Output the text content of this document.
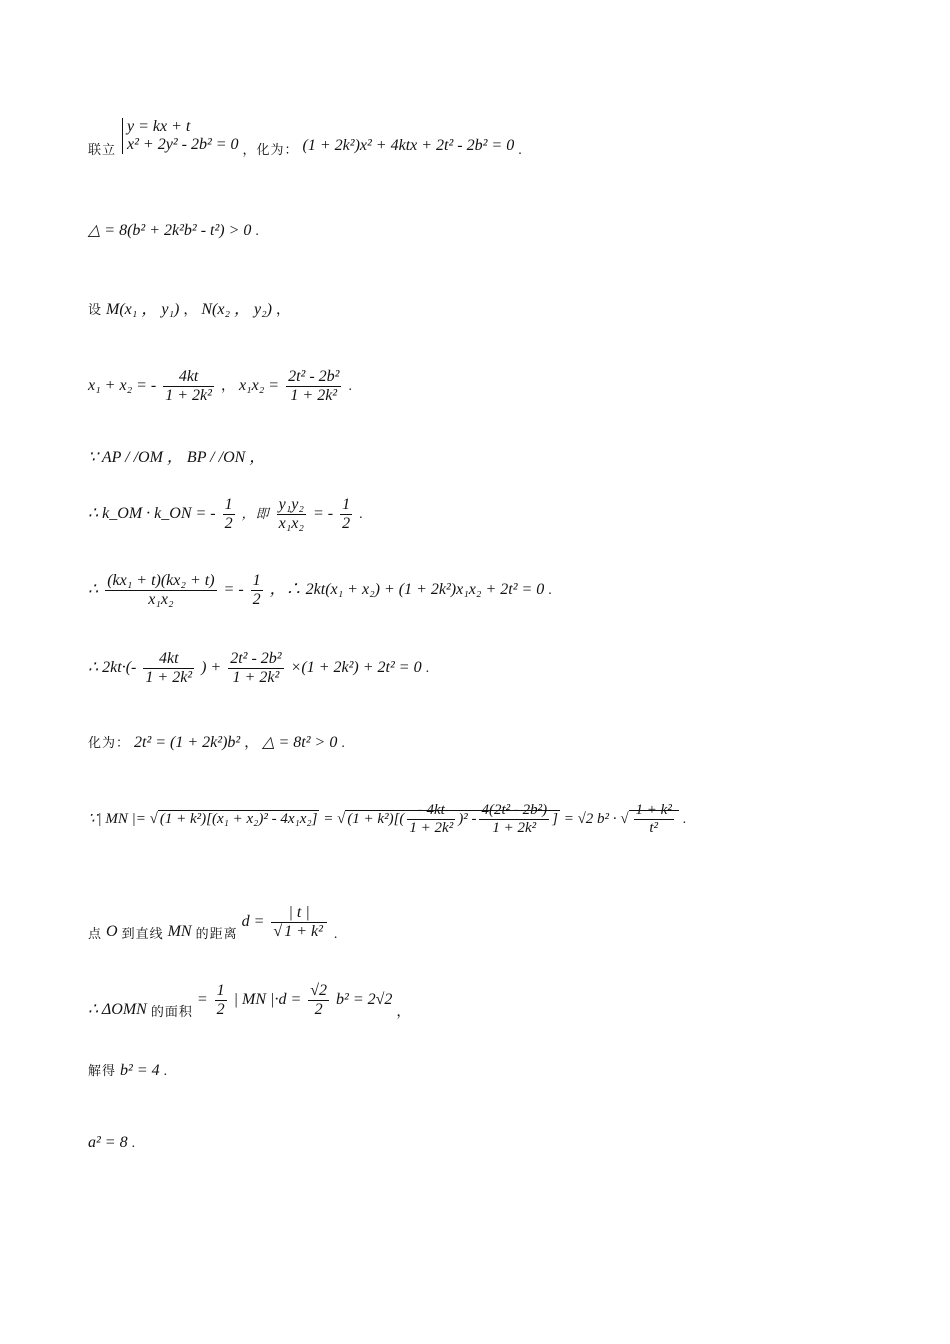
$_{联立}$
y = kx + t
x² + 2y² - 2b² = 0 $_{,化为:}$ (1 + 2k²)x² + 4ktx + 2t² - 2b² = 0 .
△ = 8(b² + 2k²b² - t²) > 0 .
设 M(x₁ ， y₁) ， N(x₂ ， y₂) ，
x₁ + x₂ = - $\frac{4kt}{\text{1 + 2k²}}$ ， $x_1x_2 = \frac{\text{2t² - 2b²}}{\text{1 + 2k²}}$ .
∵ AP / /OM ， BP / /ON ，
∴ k_OM · k_ON = - $\frac{1}{2}$ ，即 $\frac{\text{y₁y₂}}{\text{x₁x₂}}$ = - $\frac{1}{2}$ .
∴ $\frac{\text{(kx₁ + t)(kx₂ + t)}}{\text{x₁x₂}}$ = - $\frac{1}{2}$ ，∴ 2kt(x₁ + x₂) + (1 + 2k²)x₁x₂ + 2t² = 0 .
∴ $2kt\cdot(- \frac{4kt}{\text{1 + 2k²}}$ ) + $\frac{\text{2t² - 2b²}}{\text{1 + 2k²}} \times(1 + 2k^2) + 2t^2 = 0$ .
化为： 2t² = (1 + 2k²)b² ， △ = 8t² > 0 .
∵| MN |= √ (1 + k²)[(x₁ + x₂)² - 4x₁x₂] = √ $(1 + k^2)[( \frac{- 4kt}{\text{1 + 2k²}} )^2 - \frac{\text{4(2t² - 2b²)}}{\text{1 + 2k²}}$ ] = √2 b² · √ $\frac{\text{1 + k²}}{\text{t²}}$ .
$_点$ O $_{到直线}$ MN $_{的距离}$ $d = \frac{| t |}{\text{√ 1 + k²}}$ .
∴ ΔOMN $_{的面积} = \frac{1}{2}$ | MN $|\cdot d = \frac{√2}{2} b^2 = 2√2$ ，
解得 b² = 4 .
a² = 8 .
